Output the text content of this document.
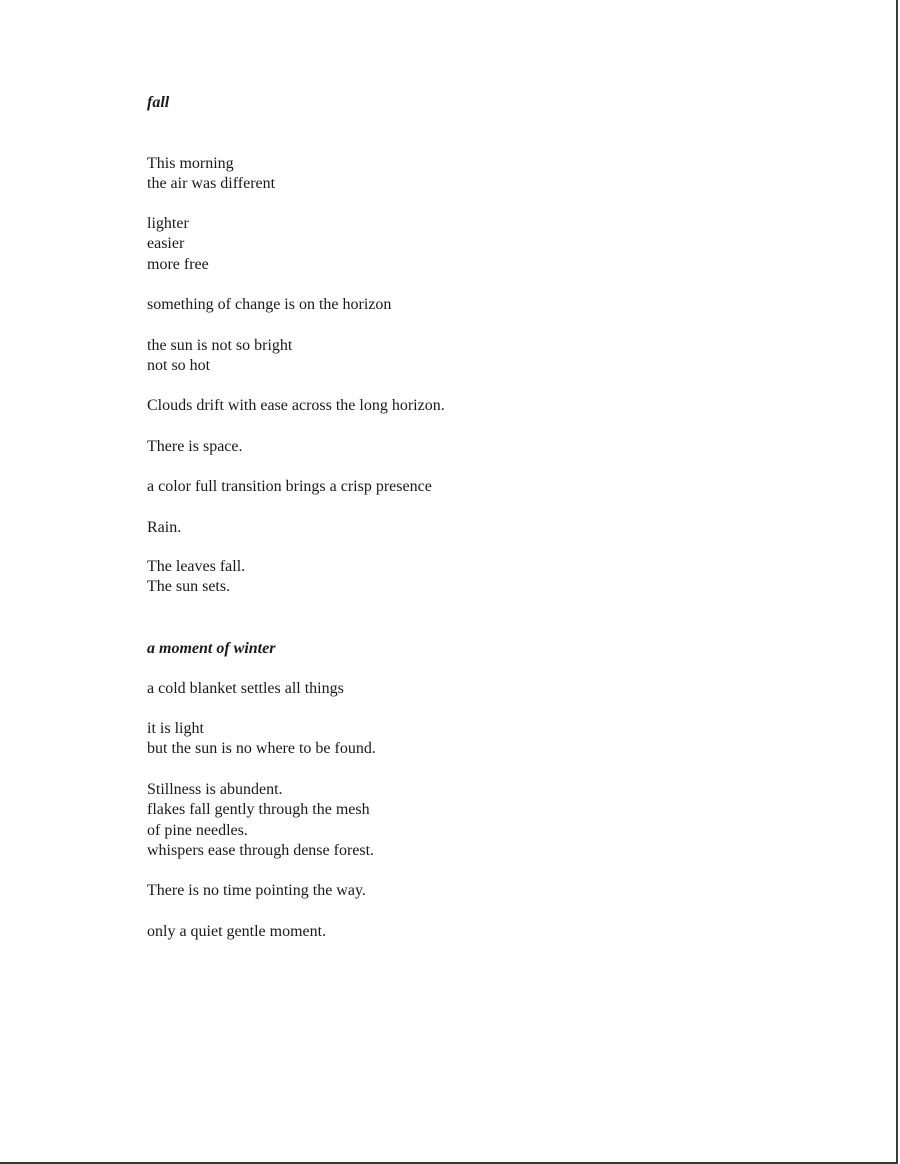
fall

This morning
the air was different

lighter
easier
more free

something of change is on the horizon

the sun is not so bright
not so hot

Clouds drift with ease across the long horizon.

There is space.

a color full transition brings a crisp presence

Rain.

The leaves fall.
The sun sets.

a moment of winter

a cold blanket settles all things

it is light
but the sun is no where to be found.

Stillness is abundent.
flakes fall gently through the mesh
of pine needles.
whispers ease through dense forest.

There is no time pointing the way.

only a quiet gentle moment.
